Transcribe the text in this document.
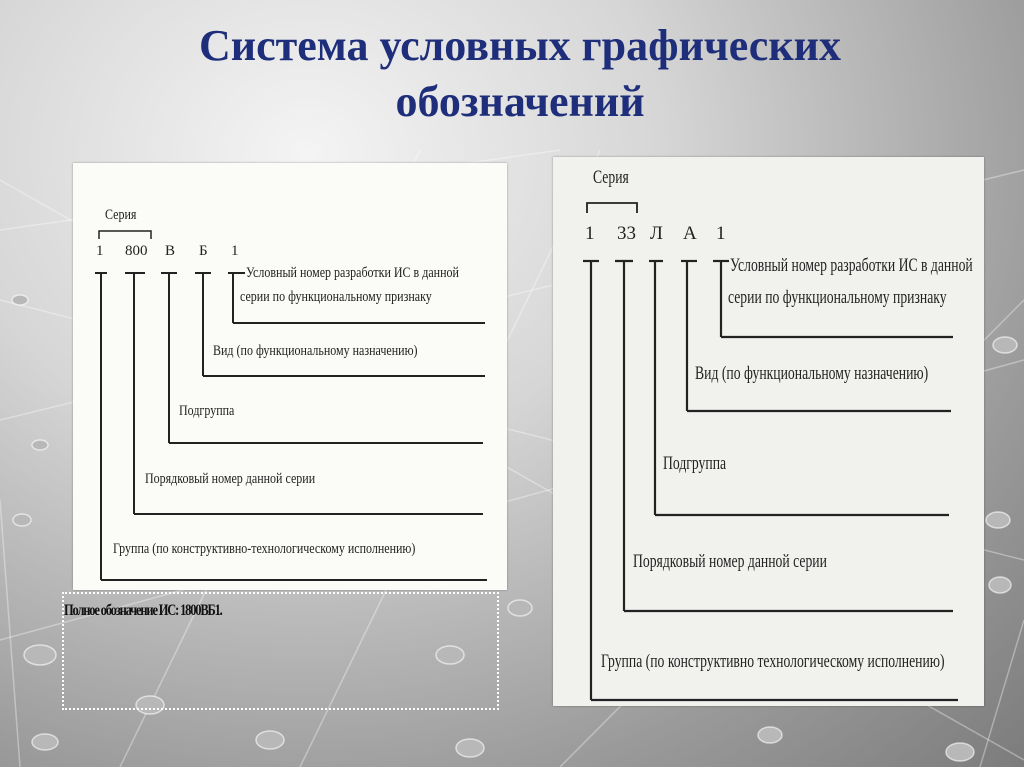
Система условных графических обозначений
Серия
1 800 В Б 1
Условный номер разработки ИС в данной
серии по функциональному признаку
Вид (по функциональному назначению)
Подгруппа
Порядковый номер данной серии
Группа (по конструктивно-технологическому исполнению)
Полное обозначение ИС: 1800ВБ1.
Серия
1 33 Л А 1
Условный номер разработки ИС в данной
серии по функциональному признаку
Вид (по функциональному назначению)
Подгруппа
Порядковый номер данной серии
Группа (по конструктивно технологическому исполнению)
